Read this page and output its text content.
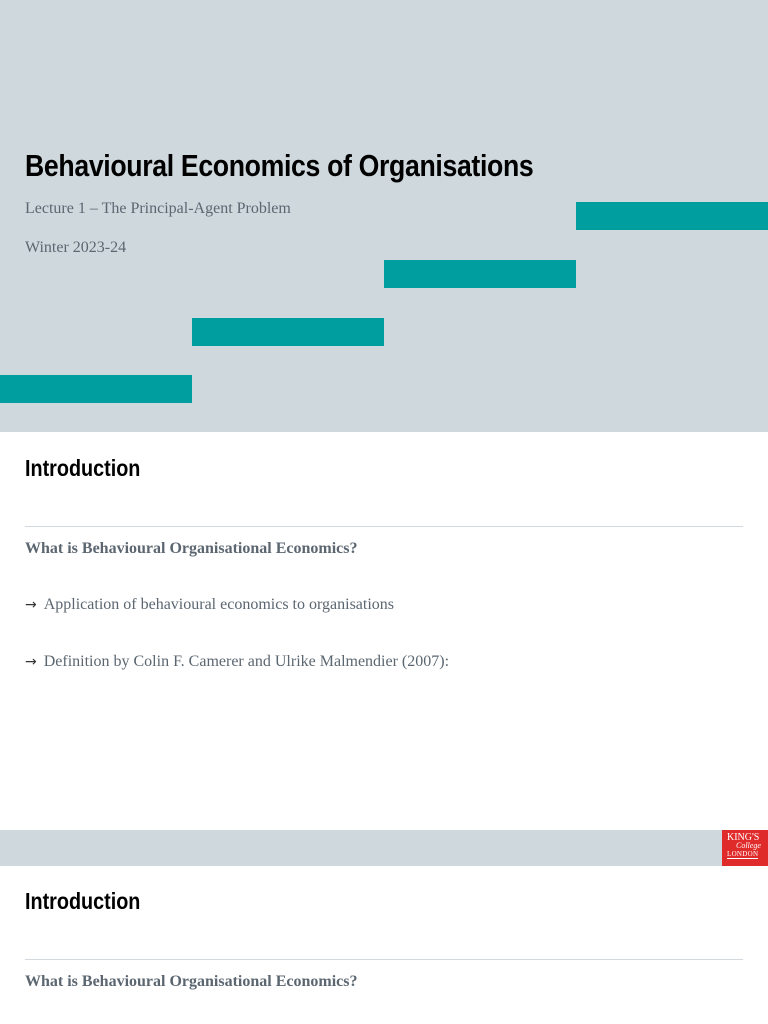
Behavioural Economics of Organisations

Lecture 1 – The Principal-Agent Problem

Winter 2023-24

Introduction

What is Behavioural Organisational Economics?

→ Application of behavioural economics to organisations
→ Definition by Colin F. Camerer and Ulrike Malmendier (2007):
KING'S
College
LONDON
Introduction

What is Behavioural Organisational Economics?
